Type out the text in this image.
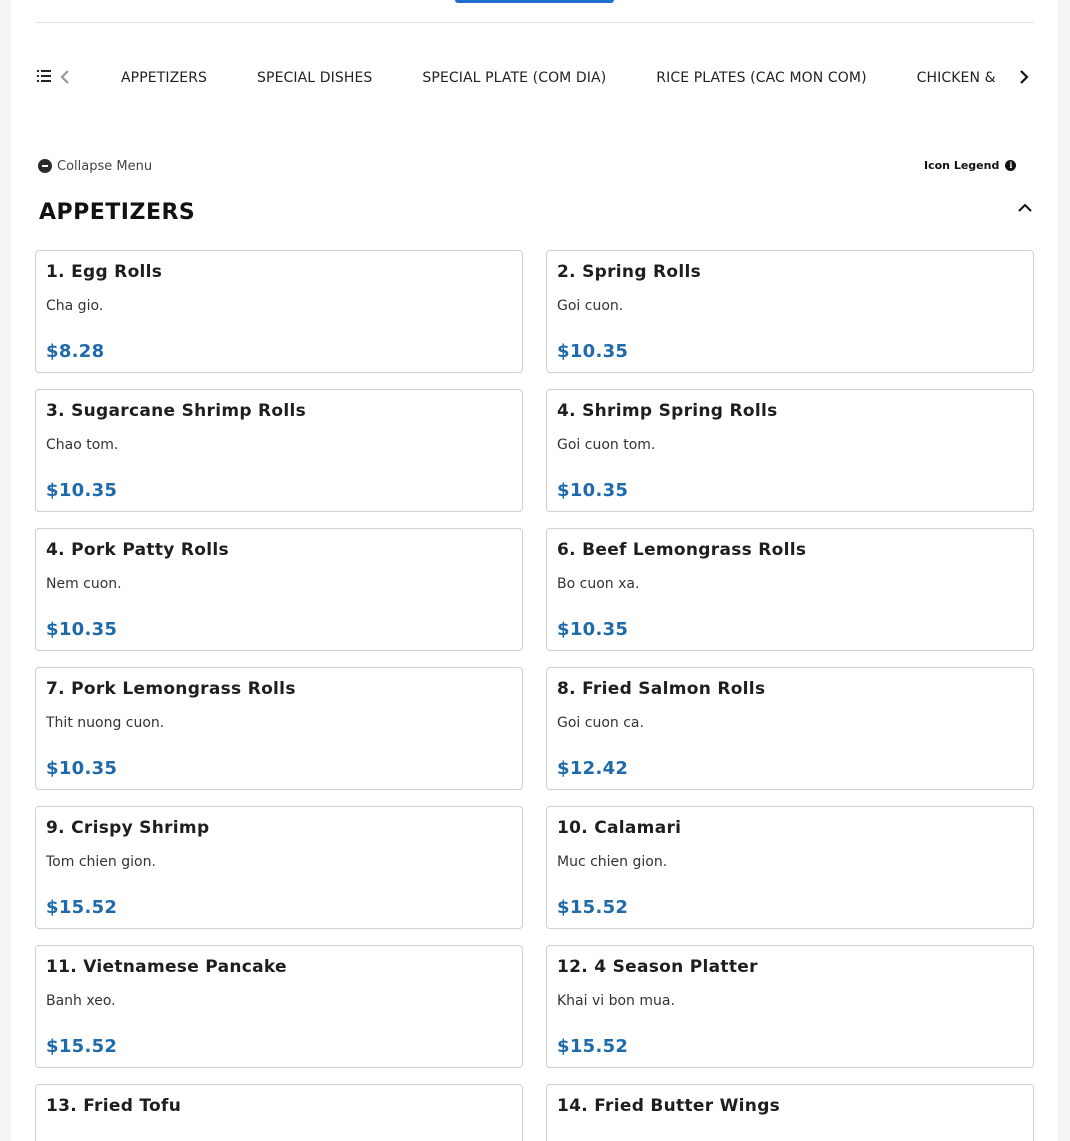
APPETIZERS	SPECIAL DISHES	SPECIAL PLATE (COM DIA)	RICE PLATES (CAC MON COM)	CHICKEN &
Collapse Menu	Icon Legend	i
APPETIZERS
1. Egg Rolls
Cha gio.
$8.28
2. Spring Rolls
Goi cuon.
$10.35
3. Sugarcane Shrimp Rolls
Chao tom.
$10.35
4. Shrimp Spring Rolls
Goi cuon tom.
$10.35
4. Pork Patty Rolls
Nem cuon.
$10.35
6. Beef Lemongrass Rolls
Bo cuon xa.
$10.35
7. Pork Lemongrass Rolls
Thit nuong cuon.
$10.35
8. Fried Salmon Rolls
Goi cuon ca.
$12.42
9. Crispy Shrimp
Tom chien gion.
$15.52
10. Calamari
Muc chien gion.
$15.52
11. Vietnamese Pancake
Banh xeo.
$15.52
12. 4 Season Platter
Khai vi bon mua.
$15.52
13. Fried Tofu	14. Fried Butter Wings
